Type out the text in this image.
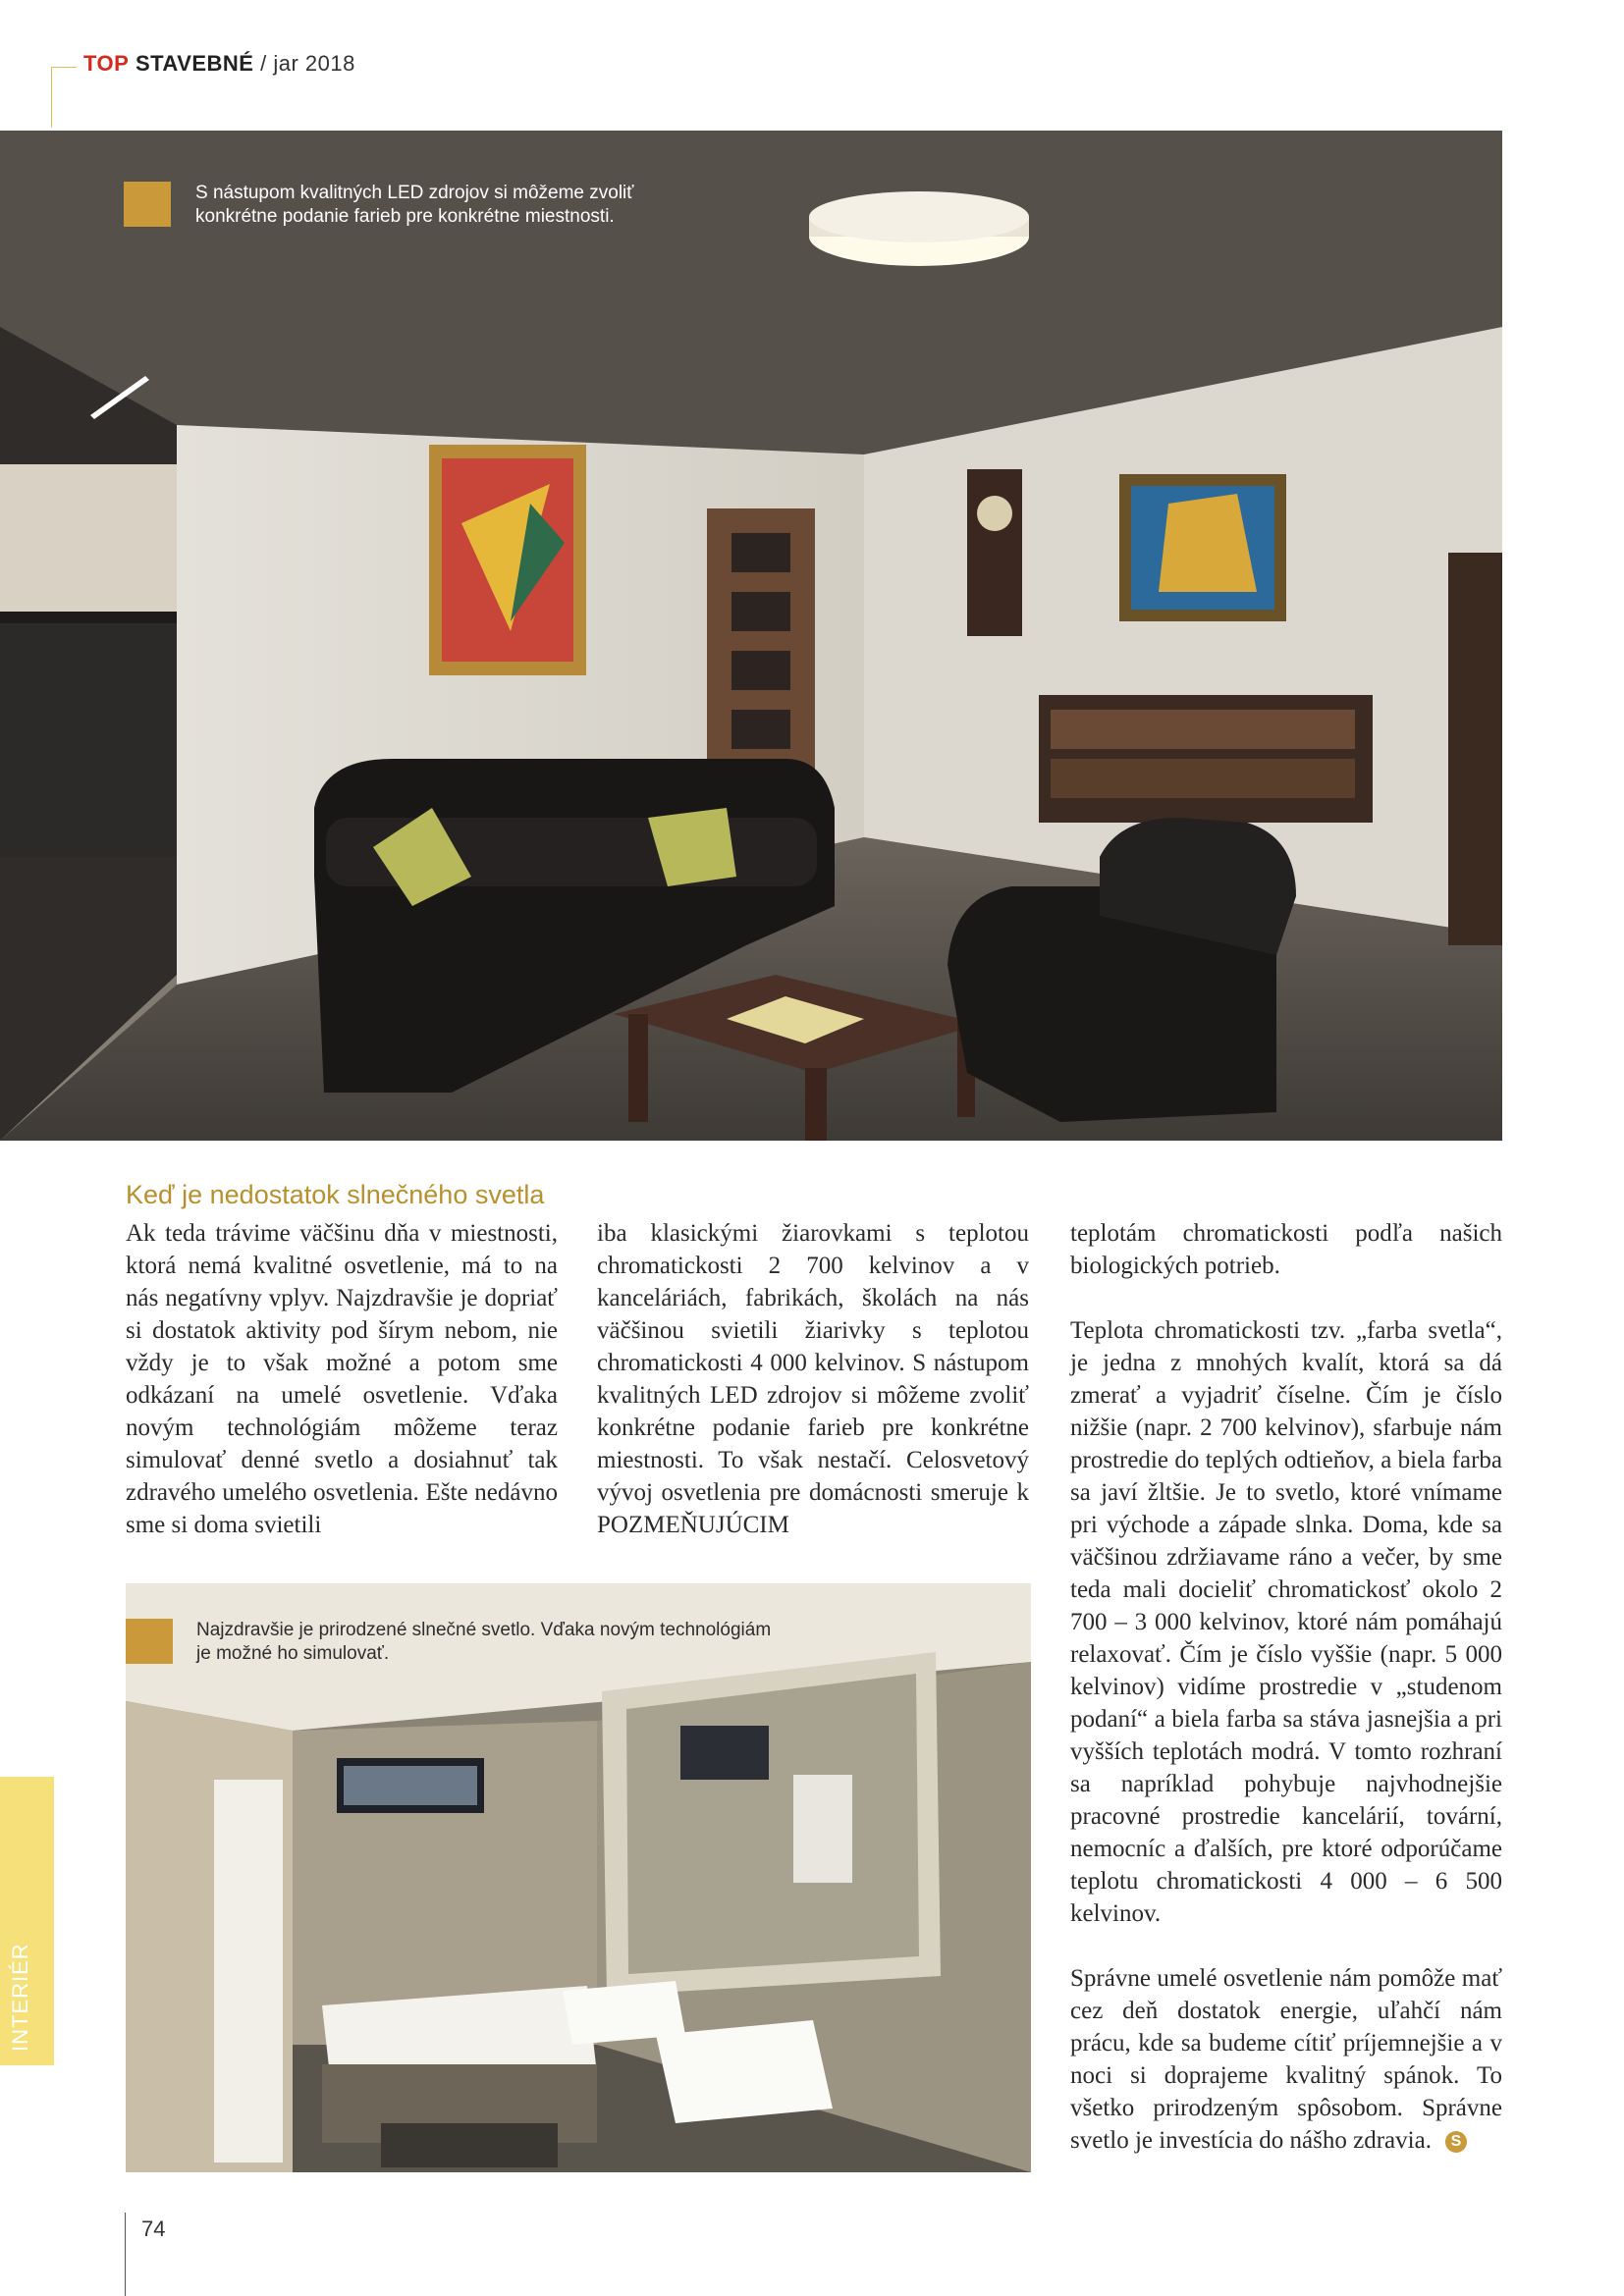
TOP STAVEBNÉ / jar 2018
S nástupom kvalitných LED zdrojov si môžeme zvoliť
konkrétne podanie farieb pre konkrétne miestnosti.
Keď je nedostatok slnečného svetla

Ak teda trávime väčšinu dňa v miestnosti, ktorá nemá kvalitné osvetlenie, má to na nás negatívny vplyv. Najzdravšie je dopriať si dostatok aktivity pod šírym nebom, nie vždy je to však možné a potom sme odkázaní na umelé osvetlenie. Vďaka novým technológiám môžeme teraz simulovať denné svetlo a dosiahnuť tak zdravého umelého osvetlenia. Ešte nedávno sme si doma svietili

iba klasickými žiarovkami s teplotou chromatickosti 2 700 kelvinov a v kanceláriách, fabrikách, školách na nás väčšinou svietili žiarivky s teplotou chromatickosti 4 000 kelvinov. S nástupom kvalitných LED zdrojov si môžeme zvoliť konkrétne podanie farieb pre konkrétne miestnosti. To však nestačí. Celosvetový vývoj osvetlenia pre domácnosti smeruje k POZMEŇUJÚCIM

teplotám chromatickosti podľa našich biologických potrieb.

Teplota chromatickosti tzv. „farba svetla“, je jedna z mnohých kvalít, ktorá sa dá zmerať a vyjadriť číselne. Čím je číslo nižšie (napr. 2 700 kelvinov), sfarbuje nám prostredie do teplých odtieňov, a biela farba sa javí žltšie. Je to svetlo, ktoré vnímame pri východe a západe slnka. Doma, kde sa väčšinou zdržiavame ráno a večer, by sme teda mali docieliť chromatickosť okolo 2 700 – 3 000 kelvinov, ktoré nám pomáhajú relaxovať. Čím je číslo vyššie (napr. 5 000 kelvinov) vidíme prostredie v „studenom podaní“ a biela farba sa stáva jasnejšia a pri vyšších teplotách modrá. V tomto rozhraní sa napríklad pohybuje najvhodnejšie pracovné prostredie kancelárií, tovární, nemocníc a ďalších, pre ktoré odporúčame teplotu chromatickosti 4 000 – 6 500 kelvinov.

Správne umelé osvetlenie nám pomôže mať cez deň dostatok energie, uľahčí nám prácu, kde sa budeme cítiť príjemnejšie a v noci si doprajeme kvalitný spánok. To všetko prirodzeným spôsobom. Správne svetlo je investícia do nášho zdravia. S

Najzdravšie je prirodzené slnečné svetlo. Vďaka novým technológiám
je možné ho simulovať.
INTERIÉR
74
